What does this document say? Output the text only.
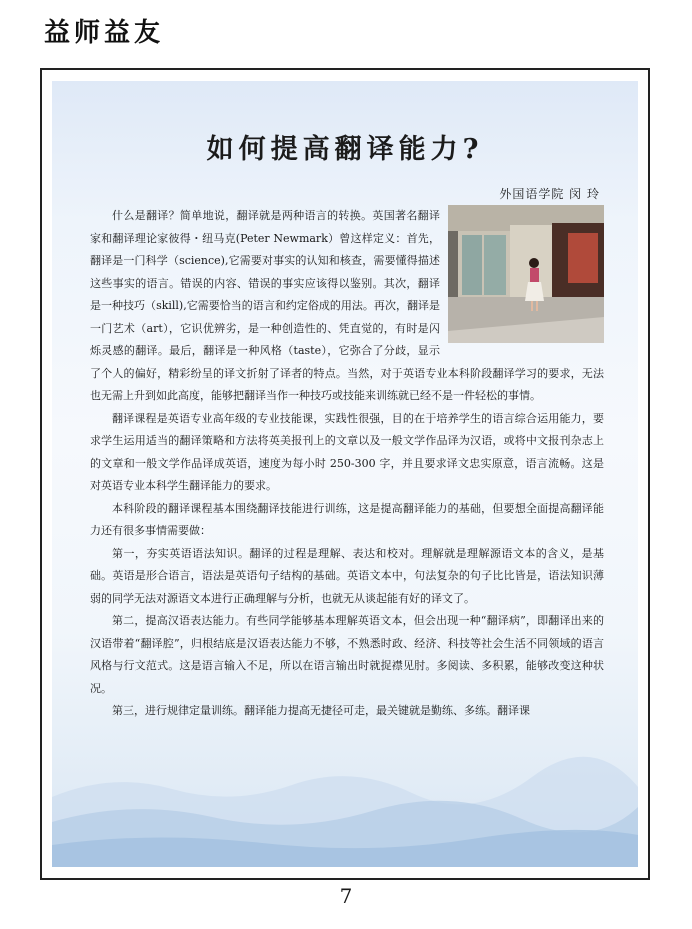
益师益友
如何提高翻译能力?
外国语学院 闵 玲

什么是翻译？简单地说，翻译就是两种语言的转换。英国著名翻译家和翻译理论家彼得・纽马克(Peter Newmark）曾这样定义：首先，翻译是一门科学（science),它需要对事实的认知和核查，需要懂得描述这些事实的语言。错误的内容、错误的事实应该得以鉴别。其次，翻译是一种技巧（skill),它需要恰当的语言和约定俗成的用法。再次，翻译是一门艺术（art），它识优辨劣，是一种创造性的、凭直觉的，有时是闪烁灵感的翻译。最后，翻译是一种风格（taste），它弥合了分歧，显示了个人的偏好，精彩纷呈的译文折射了译者的特点。当然，对于英语专业本科阶段翻译学习的要求，无法也无需上升到如此高度，能够把翻译当作一种技巧或技能来训练就已经不是一件轻松的事情。

翻译课程是英语专业高年级的专业技能课，实践性很强，目的在于培养学生的语言综合运用能力，要求学生运用适当的翻译策略和方法将英美报刊上的文章以及一般文学作品译为汉语，或将中文报刊杂志上的文章和一般文学作品译成英语，速度为每小时 250-300 字，并且要求译文忠实原意，语言流畅。这是对英语专业本科学生翻译能力的要求。

本科阶段的翻译课程基本围绕翻译技能进行训练，这是提高翻译能力的基础，但要想全面提高翻译能力还有很多事情需要做：

第一，夯实英语语法知识。翻译的过程是理解、表达和校对。理解就是理解源语文本的含义，是基础。英语是形合语言，语法是英语句子结构的基础。英语文本中，句法复杂的句子比比皆是，语法知识薄弱的同学无法对源语文本进行正确理解与分析，也就无从谈起能有好的译文了。

第二，提高汉语表达能力。有些同学能够基本理解英语文本，但会出现一种“翻译病”，即翻译出来的汉语带着“翻译腔”，归根结底是汉语表达能力不够，不熟悉时政、经济、科技等社会生活不同领域的语言风格与行文范式。这是语言输入不足，所以在语言输出时就捉襟见肘。多阅读、多积累，能够改变这种状况。

第三，进行规律定量训练。翻译能力提高无捷径可走，最关键就是勤练、多练。翻译课

7
